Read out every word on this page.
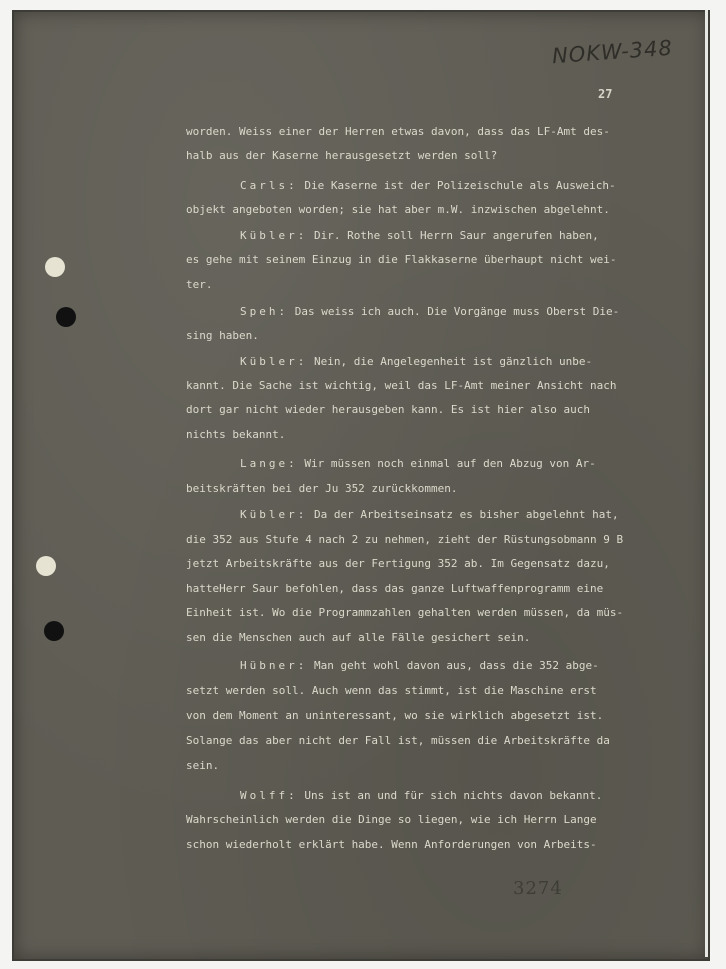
NOKW-348
27

worden. Weiss einer der Herren etwas davon, dass das LF-Amt des-

halb aus der Kaserne herausgesetzt werden soll?

Carls: Die Kaserne ist der Polizeischule als Ausweich-

objekt angeboten worden; sie hat aber m.W. inzwischen abgelehnt.

Kübler: Dir. Rothe soll Herrn Saur angerufen haben,

es gehe mit seinem Einzug in die Flakkaserne überhaupt nicht wei-

ter.

Speh: Das weiss ich auch. Die Vorgänge muss Oberst Die-

sing haben.

Kübler: Nein, die Angelegenheit ist gänzlich unbe-

kannt. Die Sache ist wichtig, weil das LF-Amt meiner Ansicht nach

dort gar nicht wieder herausgeben kann. Es ist hier also auch

nichts bekannt.

Lange: Wir müssen noch einmal auf den Abzug von Ar-

beitskräften bei der Ju 352 zurückkommen.

Kübler: Da der Arbeitseinsatz es bisher abgelehnt hat,

die 352 aus Stufe 4 nach 2 zu nehmen, zieht der Rüstungsobmann 9 B

jetzt Arbeitskräfte aus der Fertigung 352 ab. Im Gegensatz dazu,

hatteHerr Saur befohlen, dass das ganze Luftwaffenprogramm eine

Einheit ist. Wo die Programmzahlen gehalten werden müssen, da müs-

sen die Menschen auch auf alle Fälle gesichert sein.

Hübner: Man geht wohl davon aus, dass die 352 abge-

setzt werden soll. Auch wenn das stimmt, ist die Maschine erst

von dem Moment an uninteressant, wo sie wirklich abgesetzt ist.

Solange das aber nicht der Fall ist, müssen die Arbeitskräfte da

sein.

Wolff: Uns ist an und für sich nichts davon bekannt.

Wahrscheinlich werden die Dinge so liegen, wie ich Herrn Lange

schon wiederholt erklärt habe. Wenn Anforderungen von Arbeits-

3274
